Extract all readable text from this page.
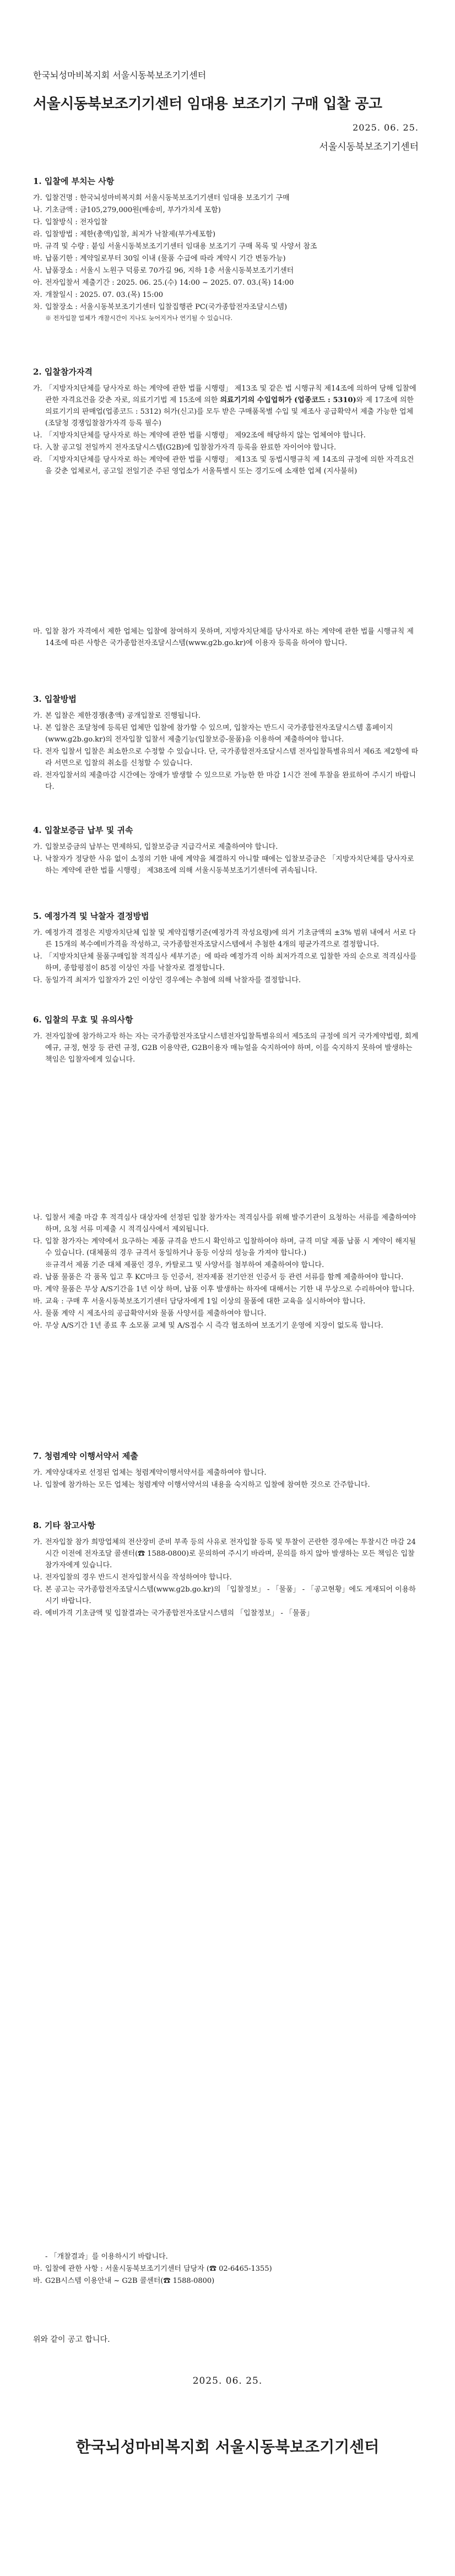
한국뇌성마비복지회 서울시동북보조기기센터
서울시동북보조기기센터 임대용 보조기기 구매 입찰 공고
2025. 06. 25.
서울시동북보조기기센터
1. 입찰에 부치는 사항
가. 입찰건명 : 한국뇌성마비복지회 서울시동북보조기기센터 임대용 보조기기 구매
나. 기초금액 : 금105,279,000원(배송비, 부가가치세 포함)
다. 입찰방식 : 전자입찰
라. 입찰방법 : 제한(총액)입찰, 최저가 낙찰제(부가세포함)
마. 규격 및 수량 : 붙임 서울시동북보조기기센터 임대용 보조기기 구매 목록 및 사양서 참조
바. 납품기한 : 계약일로부터 30일 이내 (물품 수급에 따라 계약시 기간 변동가능)
사. 납품장소 : 서울시 노원구 덕릉로 70가길 96, 지하 1층 서울시동북보조기기센터
아. 전자입찰서 제출기간 : 2025. 06. 25.(수) 14:00 ~ 2025. 07. 03.(목) 14:00
자. 개찰일시 : 2025. 07. 03.(목) 15:00
차. 입찰장소 : 서울시동북보조기기센터 입찰집행관 PC(국가종합전자조달시스템)
※ 전자입찰 업체가 개찰시간이 지나도 늦어지거나 연기될 수 있습니다.
2. 입찰참가자격
가. 「지방자치단체를 당사자로 하는 계약에 관한 법률 시행령」 제13조 및 같은 법 시행규칙 제14조에 의하여 당해 입찰에 관한 자격요건을 갖춘 자로, 의료기기법 제 15조에 의한 의료기기의 수입업허가 (업종코드 : 5310)와 제 17조에 의한 의료기기의 판매업(업종코드 : 5312) 허가(신고)를 모두 받은 구매품목별 수입 및 제조사 공급확약서 제출 가능한 업체(조달청 경쟁입찰참가자격 등록 필수)
나. 「지방자치단체를 당사자로 하는 계약에 관한 법률 시행령」 제92조에 해당하지 않는 업체여야 합니다.
다. 入찰 공고일 전일까지 전자조달시스템(G2B)에 입찰참가자격 등록을 완료한 자이어야 합니다.
라. 「지방자치단체를 당사자로 하는 계약에 관한 법률 시행령」 제13조 및 동법시행규칙 제 14조의 규정에 의한 자격요건을 갖춘 업체로서, 공고일 전일기준 주된 영업소가 서울특별시 또는 경기도에 소재한 업체 (지사불허)
마. 입찰 참가 자격에서 제한 업체는 입찰에 참여하지 못하며, 지방자치단체를 당사자로 하는 계약에 관한 법률 시행규칙 제14조에 따른 사항은 국가종합전자조달시스템(www.g2b.go.kr)에 이용자 등록을 하여야 합니다.
3. 입찰방법
가. 본 입찰은 제한경쟁(총액) 공개입찰로 진행됩니다.
나. 본 입찰은 조달청에 등록된 업체만 입찰에 참가할 수 있으며, 입찰자는 반드시 국가종합전자조달시스템 홈페이지(www.g2b.go.kr)의 전자입찰 입찰서 제출기능(입찰보증-물품)을 이용하여 제출하여야 합니다.
다. 전자 입찰서 입찰은 최소한으로 수정할 수 있습니다. 단, 국가종합전자조달시스템 전자입찰특별유의서 제6조 제2항에 따라 서면으로 입찰의 취소를 신청할 수 있습니다.
라. 전자입찰서의 제출마감 시간에는 장애가 발생할 수 있으므로 가능한 한 마감 1시간 전에 투찰을 완료하여 주시기 바랍니다.
4. 입찰보증금 납부 및 귀속
가. 입찰보증금의 납부는 면제하되, 입찰보증금 지급각서로 제출하여야 합니다.
나. 낙찰자가 정당한 사유 없이 소정의 기한 내에 계약을 체결하지 아니할 때에는 입찰보증금은 「지방자치단체를 당사자로 하는 계약에 관한 법률 시행령」 제38조에 의해 서울시동북보조기기센터에 귀속됩니다.
5. 예정가격 및 낙찰자 결정방법
가. 예정가격 결정은 지방자치단체 입찰 및 계약집행기준(예정가격 작성요령)에 의거 기초금액의 ±3% 범위 내에서 서로 다른 15개의 복수예비가격을 작성하고, 국가종합전자조달시스템에서 추첨한 4개의 평균가격으로 결정합니다.
나. 「지방자치단체 물품구매입찰 적격심사 세부기준」에 따라 예정가격 이하 최저가격으로 입찰한 자의 순으로 적격심사를 하며, 종합평점이 85점 이상인 자를 낙찰자로 결정합니다.
다. 동일가격 최저가 입찰자가 2인 이상인 경우에는 추첨에 의해 낙찰자를 결정합니다.
6. 입찰의 무효 및 유의사항
가. 전자입찰에 참가하고자 하는 자는 국가종합전자조달시스템전자입찰특별유의서 제5조의 규정에 의거 국가계약법령, 회계예규, 규정, 현장 등 관련 규정, G2B 이용약관, G2B이용자 매뉴얼을 숙지하여야 하며, 이를 숙지하지 못하여 발생하는 책임은 입찰자에게 있습니다.
나. 입찰서 제출 마감 후 적격심사 대상자에 선정된 입찰 참가자는 적격심사를 위해 발주기관이 요청하는 서류를 제출하여야 하며, 요청 서류 미제출 시 적격심사에서 제외됩니다.
다. 입찰 참가자는 계약에서 요구하는 제품 규격을 반드시 확인하고 입찰하여야 하며, 규격 미달 제품 납품 시 계약이 해지될 수 있습니다. (대체품의 경우 규격서 동일하거나 동등 이상의 성능을 가져야 합니다.)
※규격서 제품 기준 대체 제품인 경우, 카탈로그 및 사양서를 첨부하여 제출하여야 합니다.
라. 납품 물품은 각 품목 입고 후 KC마크 등 인증서, 전자제품 전기안전 인증서 등 관련 서류를 함께 제출하여야 합니다.
마. 계약 물품은 무상 A/S기간을 1년 이상 하며, 납품 이후 발생하는 하자에 대해서는 기한 내 무상으로 수리하여야 합니다.
바. 교육 : 구매 후 서울시동북보조기기센터 담당자에게 1일 이상의 물품에 대한 교육을 실시하여야 합니다.
사. 물품 계약 시 제조사의 공급확약서와 물품 사양서를 제출하여야 합니다.
아. 무상 A/S기간 1년 종료 후 소모품 교체 및 A/S접수 시 즉각 협조하여 보조기기 운영에 지장이 없도록 합니다.
7. 청렴계약 이행서약서 제출
가. 계약상대자로 선정된 업체는 청렴계약이행서약서를 제출하여야 합니다.
나. 입찰에 참가하는 모든 업체는 청렴계약 이행서약서의 내용을 숙지하고 입찰에 참여한 것으로 간주합니다.
8. 기타 참고사항
가. 전자입찰 참가 희망업체의 전산장비 준비 부족 등의 사유로 전자입찰 등록 및 투찰이 곤란한 경우에는 투찰시간 마감 24시간 이전에 전자조달 콜센터(☎ 1588-0800)로 문의하여 주시기 바라며, 문의를 하지 않아 발생하는 모든 책임은 입찰 참가자에게 있습니다.
나. 전자입찰의 경우 반드시 전자입찰서식을 작성하여야 합니다.
다. 본 공고는 국가종합전자조달시스템(www.g2b.go.kr)의 「입찰정보」 - 「물품」 - 「공고현황」에도 게재되어 이용하시기 바랍니다.
라. 예비가격 기초금액 및 입찰결과는 국가종합전자조달시스템의 「입찰정보」 - 「물품」
- 「개찰결과」를 이용하시기 바랍니다.
마. 입찰에 관한 사항 : 서울시동북보조기기센터 담당자 (☎ 02-6465-1355)
바. G2B시스템 이용안내 ~ G2B 콜센터(☎ 1588-0800)
위와 같이 공고 합니다.
2025. 06. 25.
한국뇌성마비복지회 서울시동북보조기기센터
